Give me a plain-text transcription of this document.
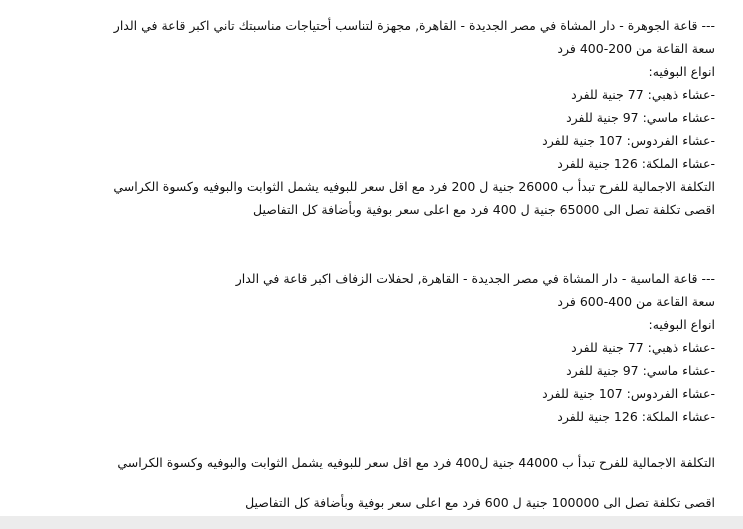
--- قاعة الجوهرة - دار المشاة في مصر الجديدة - القاهرة, مجهزة لتناسب أحتياجات مناسبتك تاني اكبر قاعة في الدار
سعة القاعة من 200-400 فرد
انواع البوفيه:
-عشاء ذهبي: 77 جنية للفرد
-عشاء ماسي: 97 جنية للفرد
-عشاء الفردوس: 107 جنية للفرد
-عشاء الملكة: 126 جنية للفرد
التكلفة الاجمالية للفرح تبدأ ب 26000 جنية ل 200 فرد مع اقل سعر للبوفيه يشمل الثوابت والبوفيه وكسوة الكراسي
اقصى تكلفة تصل الى 65000 جنية ل 400 فرد مع اعلى سعر بوفية وبأضافة كل التفاصيل
--- قاعة الماسية - دار المشاة في مصر الجديدة - القاهرة, لحفلات الزفاف اكبر قاعة في الدار
سعة القاعة من 400-600 فرد
انواع البوفيه:
-عشاء ذهبي: 77 جنية للفرد
-عشاء ماسي: 97 جنية للفرد
-عشاء الفردوس: 107 جنية للفرد
-عشاء الملكة: 126 جنية للفرد
التكلفة الاجمالية للفرح تبدأ ب 44000 جنية ل400 فرد مع اقل سعر للبوفيه يشمل الثوابت والبوفيه وكسوة الكراسي
اقصى تكلفة تصل الى 100000 جنية ل 600 فرد مع اعلى سعر بوفية وبأضافة كل التفاصيل
